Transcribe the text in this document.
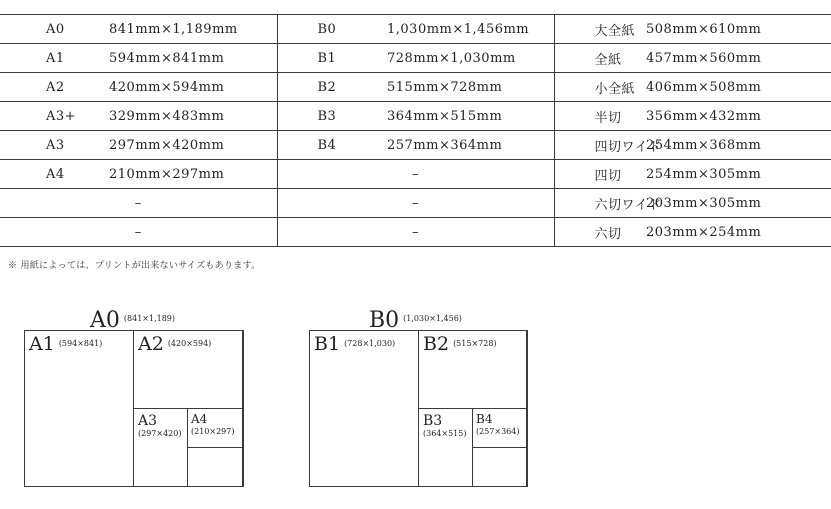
A0	841mm×1,189mm	B0	1,030mm×1,456mm	大全紙	508mm×610mm
A1	594mm×841mm	B1	728mm×1,030mm	全紙	457mm×560mm
A2	420mm×594mm	B2	515mm×728mm	小全紙	406mm×508mm
A3+	329mm×483mm	B3	364mm×515mm	半切	356mm×432mm
A3	297mm×420mm	B4	257mm×364mm	四切ワイド	254mm×368mm
A4	210mm×297mm	–		四切	254mm×305mm
–		–		六切ワイド	203mm×305mm
–		–		六切	203mm×254mm
※ 用紙によっては、プリントが出来ないサイズもあります。
A0 $^{(841\times 1,189)}$
A1 $^{(594\times 841)}$ A2 $^{(420\times 594)}$
A3
(297×420)
A4
(210×297)
B0 $^{(1,030\times 1,456)}$
B1 $^{(728\times 1,030)}$ B2 $^{(515\times 728)}$
B3
(364×515)
B4
(257×364)
